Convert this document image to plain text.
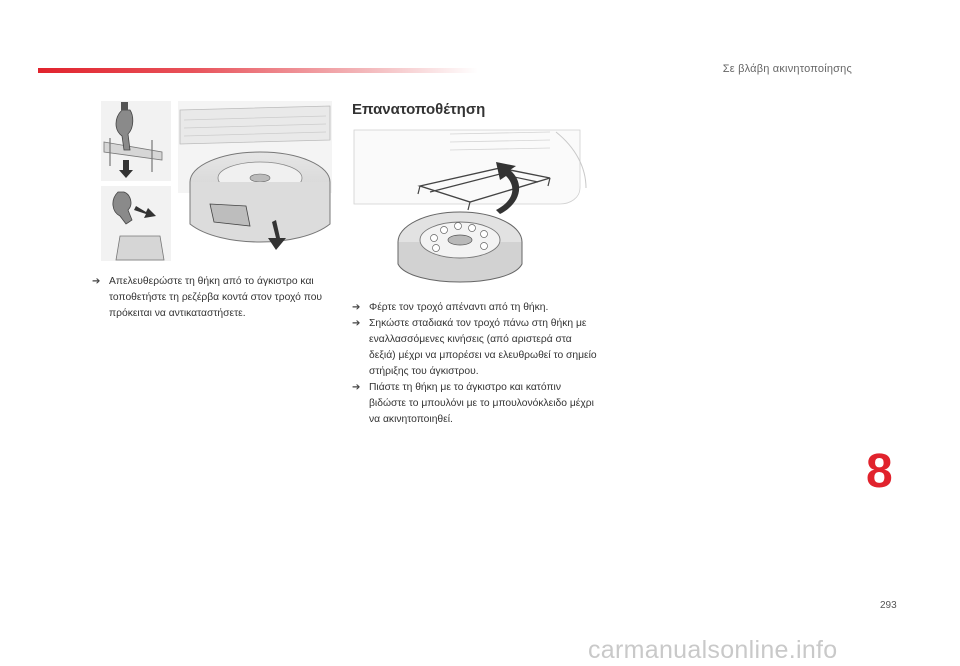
Σε βλάβη ακινητοποίησης
➔ Απελευθερώστε τη θήκη από το άγκιστρο και τοποθετήστε τη ρεζέρβα κοντά στον τροχό που πρόκειται να αντικαταστήσετε.
Επανατοποθέτηση
➔ Φέρτε τον τροχό απέναντι από τη θήκη.
➔ Σηκώστε σταδιακά τον τροχό πάνω στη θήκη με εναλλασσόμενες κινήσεις (από αριστερά στα δεξιά) μέχρι να μπορέσει να ελευθρωθεί το σημείο στήριξης του άγκιστρου.
➔ Πιάστε τη θήκη με το άγκιστρο και κατόπιν βιδώστε το μπουλόνι με το μπουλονόκλειδο μέχρι να ακινητοποιηθεί.
8
293
carmanualsonline.info
